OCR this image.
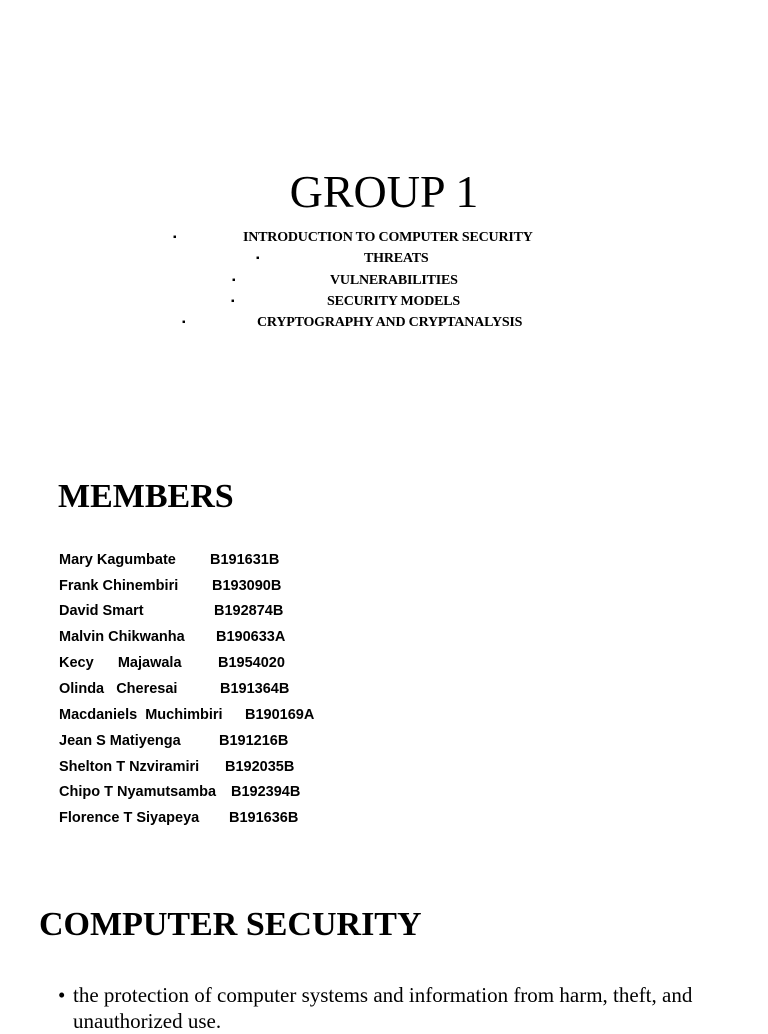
GROUP 1
▪	INTRODUCTION TO COMPUTER SECURITY
▪	THREATS
▪	VULNERABILITIES
▪	SECURITY MODELS
▪	CRYPTOGRAPHY AND CRYPTANALYSIS
MEMBERS
Mary Kagumbate B191631B
Frank Chinembiri B193090B
David Smart	B192874B
Malvin Chikwanha B190633A
Kecy      Majawala	B1954020
Olinda   Cheresai	B191364B
Macdaniels  Muchimbiri B190169A
Jean S Matiyenga	B191216B
Shelton T Nzviramiri B192035B
Chipo T Nyamutsamba B192394B
Florence T Siyapeya B191636B
COMPUTER SECURITY
• the protection of computer systems and information from harm, theft, and unauthorized use.
